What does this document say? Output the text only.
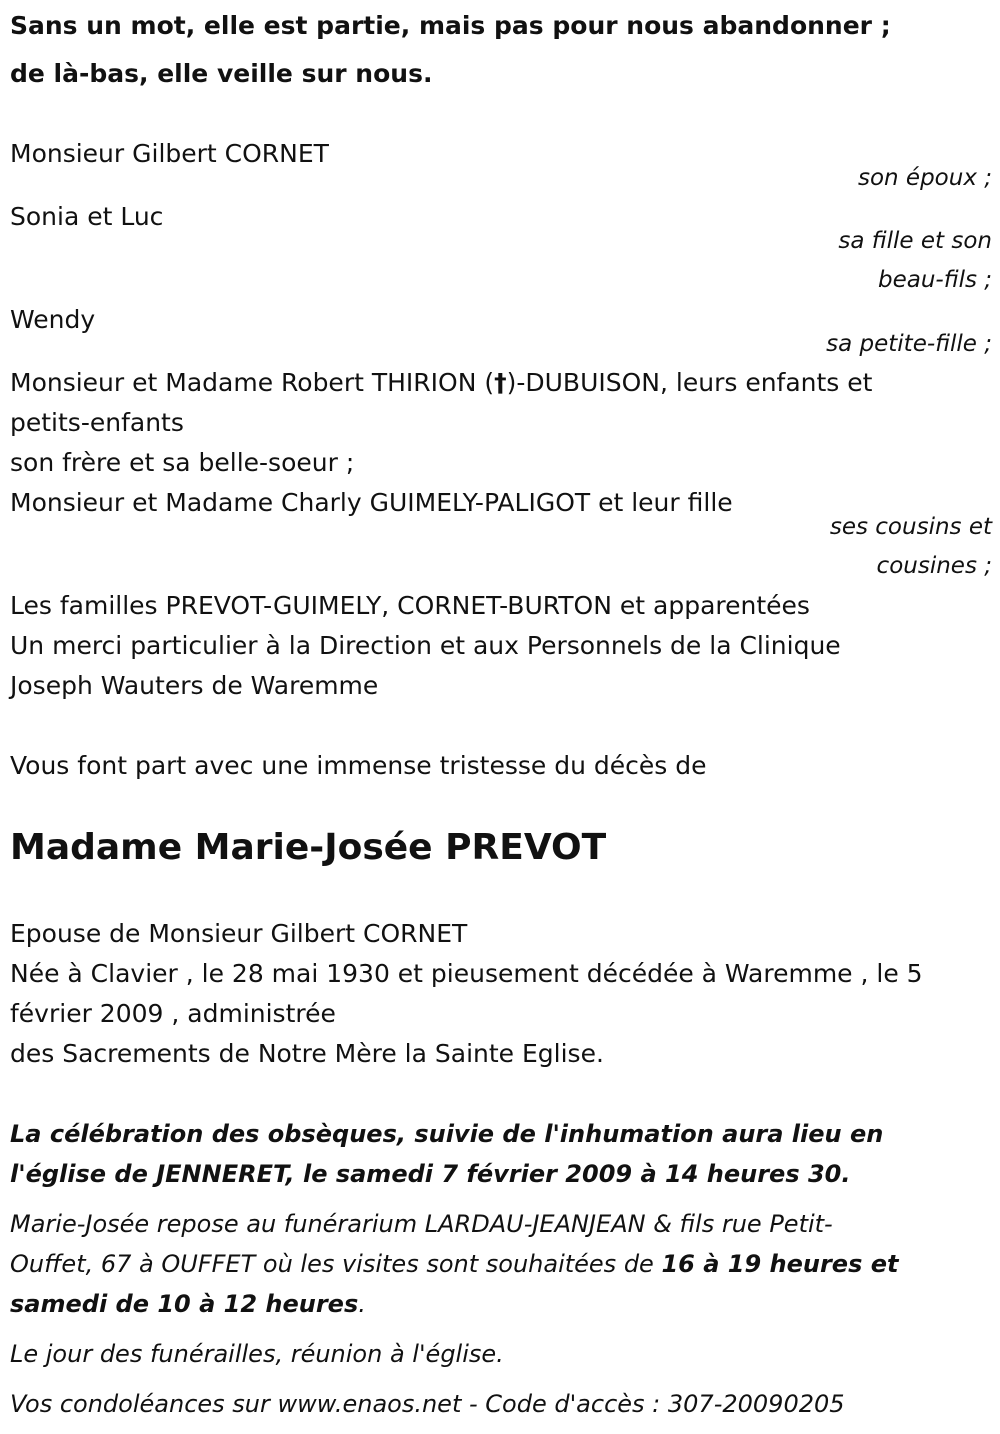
Sans un mot, elle est partie, mais pas pour nous abandonner ;
de là-bas, elle veille sur nous.
Monsieur Gilbert CORNET
son époux ;
Sonia et Luc
sa fille et son
beau-fils ;
Wendy
sa petite-fille ;
Monsieur et Madame Robert THIRION (†)-DUBUISON, leurs enfants et
petits-enfants
son frère et sa belle-soeur ;
Monsieur et Madame Charly GUIMELY-PALIGOT et leur fille
ses cousins et
cousines ;
Les familles PREVOT-GUIMELY, CORNET-BURTON et apparentées
Un merci particulier à la Direction et aux Personnels de la Clinique
Joseph Wauters de Waremme
Vous font part avec une immense tristesse du décès de
Madame Marie-Josée PREVOT
Epouse de Monsieur Gilbert CORNET
Née à Clavier , le 28 mai 1930 et pieusement décédée à Waremme , le 5
février 2009 , administrée
des Sacrements de Notre Mère la Sainte Eglise.
La célébration des obsèques, suivie de l'inhumation aura lieu en
l'église de JENNERET, le samedi 7 février 2009 à 14 heures 30.
Marie-Josée repose au funérarium LARDAU-JEANJEAN & fils rue Petit-
Ouffet, 67 à OUFFET où les visites sont souhaitées de 16 à 19 heures et
samedi de 10 à 12 heures.
Le jour des funérailles, réunion à l'église.
Vos condoléances sur www.enaos.net - Code d'accès : 307-20090205
